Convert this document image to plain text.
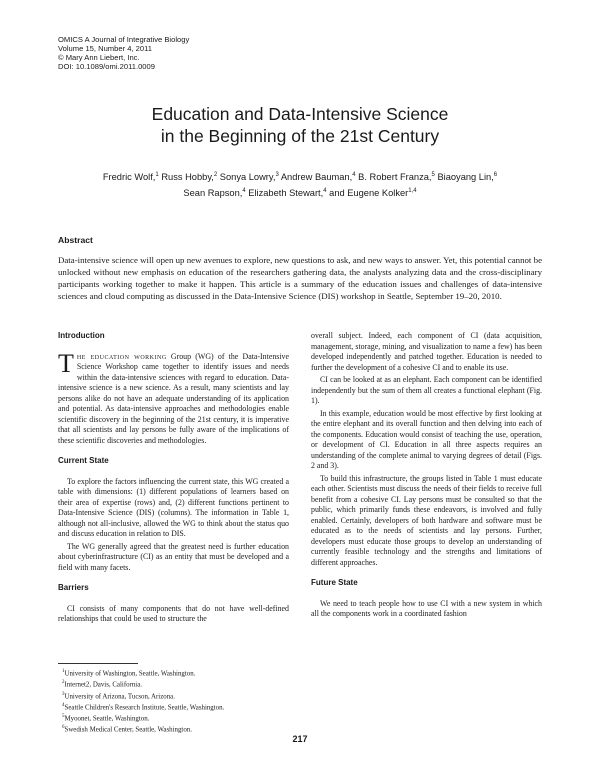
OMICS A Journal of Integrative Biology
Volume 15, Number 4, 2011
© Mary Ann Liebert, Inc.
DOI: 10.1089/omi.2011.0009
Education and Data-Intensive Science
in the Beginning of the 21st Century
Fredric Wolf,$^1$ Russ Hobby,$^2$ Sonya Lowry,$^3$ Andrew Bauman,$^4$ B. Robert Franza,$^5$ Biaoyang Lin,$^6$
Sean Rapson,$^4$ Elizabeth Stewart,$^4$ and Eugene Kolker$^{1,4}$
Abstract
Data-intensive science will open up new avenues to explore, new questions to ask, and new ways to answer. Yet, this potential cannot be unlocked without new emphasis on education of the researchers gathering data, the analysts analyzing data and the cross-disciplinary participants working together to make it happen. This article is a summary of the education issues and challenges of data-intensive sciences and cloud computing as discussed in the Data-Intensive Science (DIS) workshop in Seattle, September 19–20, 2010.
Introduction

The education working Group (WG) of the Data-Intensive Science Workshop came together to identify issues and needs within the data-intensive sciences with regard to education. Data-intensive science is a new science. As a result, many scientists and lay persons alike do not have an adequate understanding of its application and potential. As data-intensive approaches and methodologies enable scientific discovery in the beginning of the 21st century, it is imperative that all scientists and lay persons be fully aware of the implications of these scientific discoveries and methodologies.

Current State

To explore the factors influencing the current state, this WG created a table with dimensions: (1) different populations of learners based on their area of expertise (rows) and, (2) different functions pertinent to Data-Intensive Science (DIS) (columns). The information in Table 1, although not all-inclusive, allowed the WG to think about the status quo and discuss education in relation to DIS.

The WG generally agreed that the greatest need is further education about cyberinfrastructure (CI) as an entity that must be developed and a field with many facets.

Barriers

CI consists of many components that do not have well-defined relationships that could be used to structure the

overall subject. Indeed, each component of CI (data acquisition, management, storage, mining, and visualization to name a few) has been developed independently and patched together. Education is needed to further the development of a cohesive CI and to enable its use.

CI can be looked at as an elephant. Each component can be identified independently but the sum of them all creates a functional elephant (Fig. 1).

In this example, education would be most effective by first looking at the entire elephant and its overall function and then delving into each of the components. Education would consist of teaching the use, operation, or development of CI. Education in all three aspects requires an understanding of the complete animal to varying degrees of detail (Figs. 2 and 3).

To build this infrastructure, the groups listed in Table 1 must educate each other. Scientists must discuss the needs of their fields to receive full benefit from a cohesive CI. Lay persons must be consulted so that the public, which primarily funds these endeavors, is involved and fully enabled. Certainly, developers of both hardware and software must be educated as to the needs of scientists and lay persons. Further, developers must educate those groups to develop an understanding of currently feasible technology and the strengths and limitations of different approaches.

Future State

We need to teach people how to use CI with a new system in which all the components work in a coordinated fashion

$^1$University of Washington, Seattle, Washington.
$^2$Internet2, Davis, California.
$^3$University of Arizona, Tucson, Arizona.
$^4$Seattle Children's Research Institute, Seattle, Washington.
$^5$Myoonet, Seattle, Washington.
$^6$Swedish Medical Center, Seattle, Washington.
217
